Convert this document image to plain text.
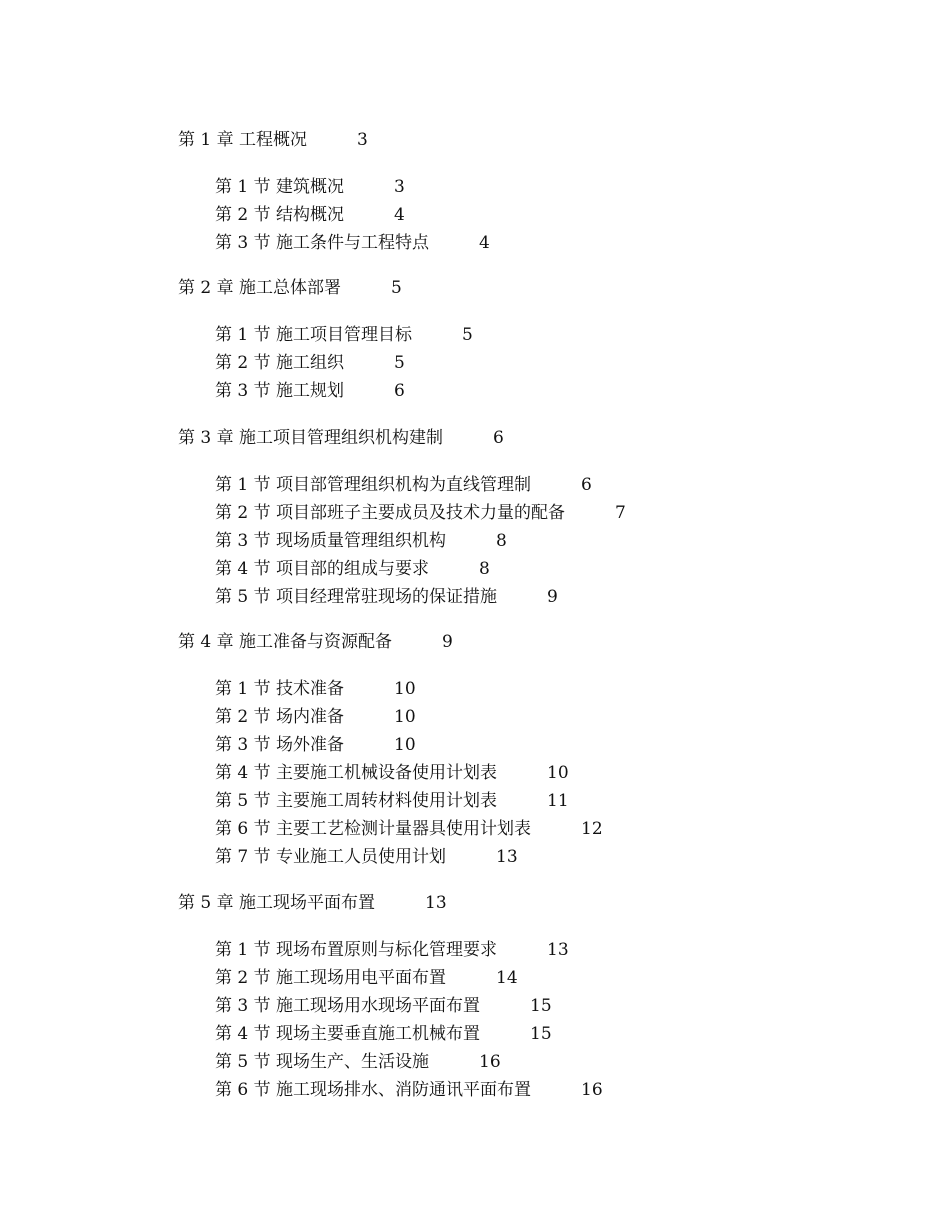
第 1 章 工程概况	3
第 1 节 建筑概况	3
第 2 节 结构概况	4
第 3 节 施工条件与工程特点	4
第 2 章 施工总体部署	5
第 1 节 施工项目管理目标	5
第 2 节 施工组织	5
第 3 节 施工规划	6
第 3 章 施工项目管理组织机构建制	6
第 1 节 项目部管理组织机构为直线管理制	6
第 2 节 项目部班子主要成员及技术力量的配备	7
第 3 节 现场质量管理组织机构	8
第 4 节 项目部的组成与要求	8
第 5 节 项目经理常驻现场的保证措施	9
第 4 章 施工准备与资源配备	9
第 1 节 技术准备	10
第 2 节 场内准备	10
第 3 节 场外准备	10
第 4 节 主要施工机械设备使用计划表	10
第 5 节 主要施工周转材料使用计划表	11
第 6 节 主要工艺检测计量器具使用计划表	12
第 7 节 专业施工人员使用计划	13
第 5 章 施工现场平面布置	13
第 1 节 现场布置原则与标化管理要求	13
第 2 节 施工现场用电平面布置	14
第 3 节 施工现场用水现场平面布置	15
第 4 节 现场主要垂直施工机械布置	15
第 5 节 现场生产、生活设施	16
第 6 节 施工现场排水、消防通讯平面布置	16
